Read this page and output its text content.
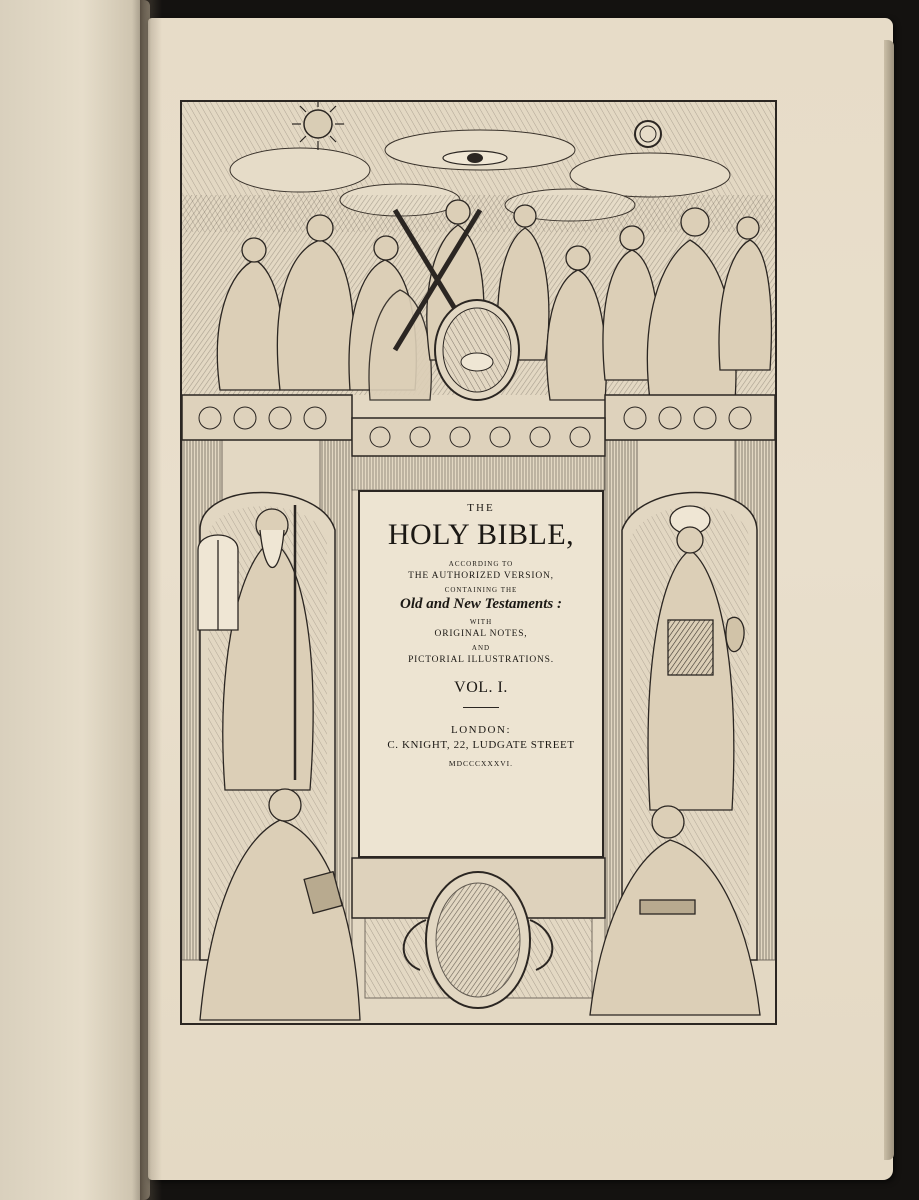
THE
HOLY BIBLE,
ACCORDING TO
THE AUTHORIZED VERSION,
CONTAINING THE
Old and New Testaments :
WITH
ORIGINAL NOTES,
AND
PICTORIAL ILLUSTRATIONS.
VOL. I.
LONDON:
C. KNIGHT, 22, LUDGATE STREET
MDCCCXXXVI.
